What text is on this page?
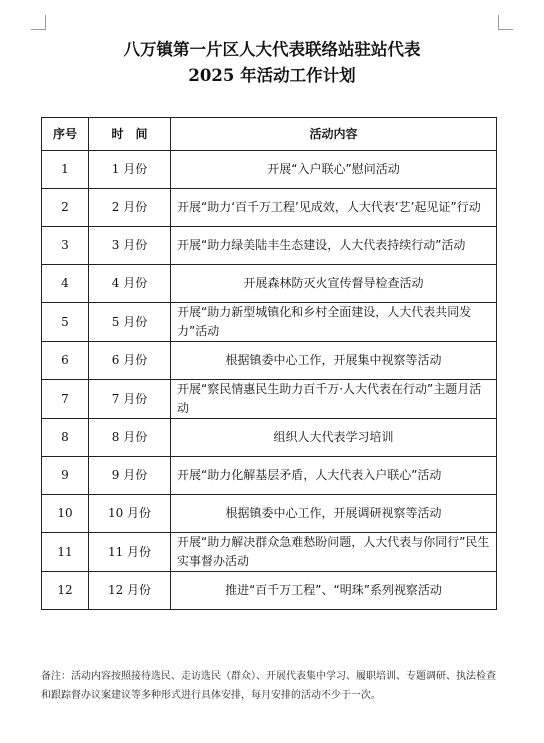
八万镇第一片区人大代表联络站驻站代表
2025 年活动工作计划
序号	时　间	活动内容
1	1 月份	开展“入户联心”慰问活动
2	2 月份	开展“助力‘百千万工程’见成效，人大代表‘艺’起见证”行动
3	3 月份	开展“助力绿美陆丰生态建设，人大代表持续行动”活动
4	4 月份	开展森林防灭火宣传督导检查活动
5	5 月份	开展“助力新型城镇化和乡村全面建设，人大代表共同发力”活动
6	6 月份	根据镇委中心工作，开展集中视察等活动
7	7 月份	开展“察民情惠民生助力百千万·人大代表在行动”主题月活动
8	8 月份	组织人大代表学习培训
9	9 月份	开展“助力化解基层矛盾，人大代表入户联心”活动
10	10 月份	根据镇委中心工作，开展调研视察等活动
11	11 月份	开展“助力解决群众急难愁盼问题，人大代表与你同行”民生实事督办活动
12	12 月份	推进“百千万工程”、“明珠”系列视察活动
备注：活动内容按照接待选民、走访选民（群众）、开展代表集中学习、履职培训、专题调研、执法检查和跟踪督办议案建议等多种形式进行具体安排，每月安排的活动不少于一次。
